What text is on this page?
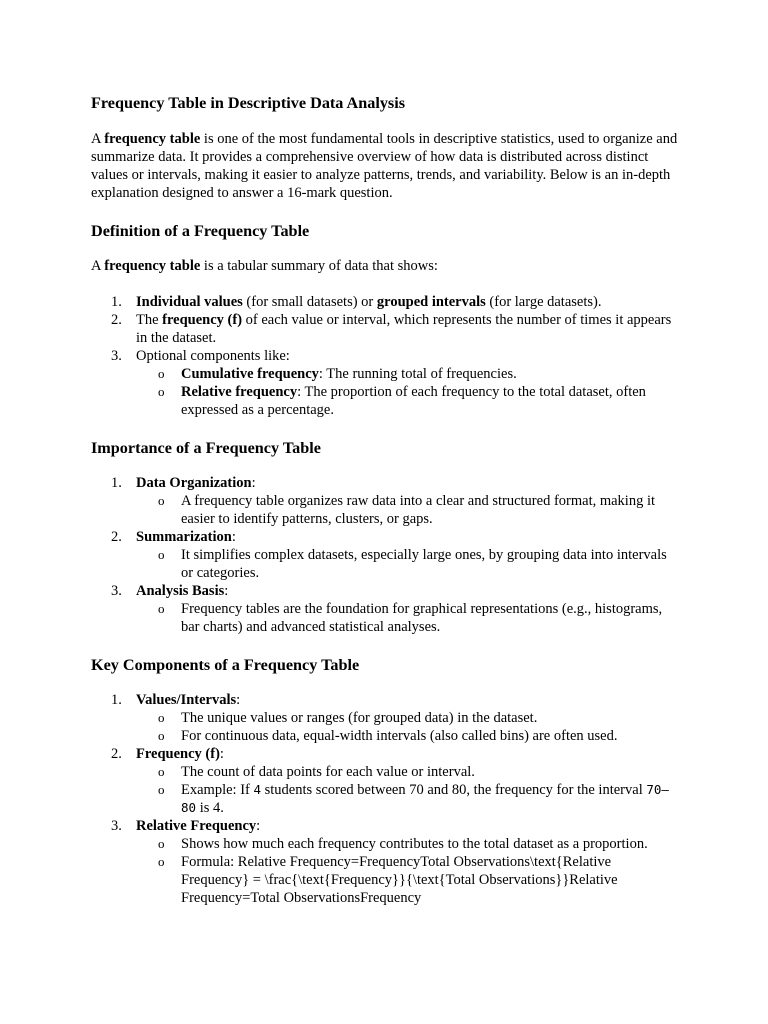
Frequency Table in Descriptive Data Analysis

A frequency table is one of the most fundamental tools in descriptive statistics, used to organize and summarize data. It provides a comprehensive overview of how data is distributed across distinct values or intervals, making it easier to analyze patterns, trends, and variability. Below is an in-depth explanation designed to answer a 16-mark question.

Definition of a Frequency Table

A frequency table is a tabular summary of data that shows:

1. Individual values (for small datasets) or grouped intervals (for large datasets).
2. The frequency (f) of each value or interval, which represents the number of times it appears in the dataset.
3. Optional components like:
o Cumulative frequency: The running total of frequencies.
o Relative frequency: The proportion of each frequency to the total dataset, often expressed as a percentage.
Importance of a Frequency Table
1. Data Organization:
o A frequency table organizes raw data into a clear and structured format, making it easier to identify patterns, clusters, or gaps.
2. Summarization:
o It simplifies complex datasets, especially large ones, by grouping data into intervals or categories.
3. Analysis Basis:
o Frequency tables are the foundation for graphical representations (e.g., histograms, bar charts) and advanced statistical analyses.
Key Components of a Frequency Table
1. Values/Intervals:
o The unique values or ranges (for grouped data) in the dataset.
o For continuous data, equal-width intervals (also called bins) are often used.
2. Frequency (f):
o The count of data points for each value or interval.
o Example: If 4 students scored between 70 and 80, the frequency for the interval 70–80 is 4.
3. Relative Frequency:
o Shows how much each frequency contributes to the total dataset as a proportion.
o Formula: Relative Frequency=FrequencyTotal Observations\text{Relative Frequency} = \frac{\text{Frequency}}{\text{Total Observations}}Relative Frequency=Total ObservationsFrequency
